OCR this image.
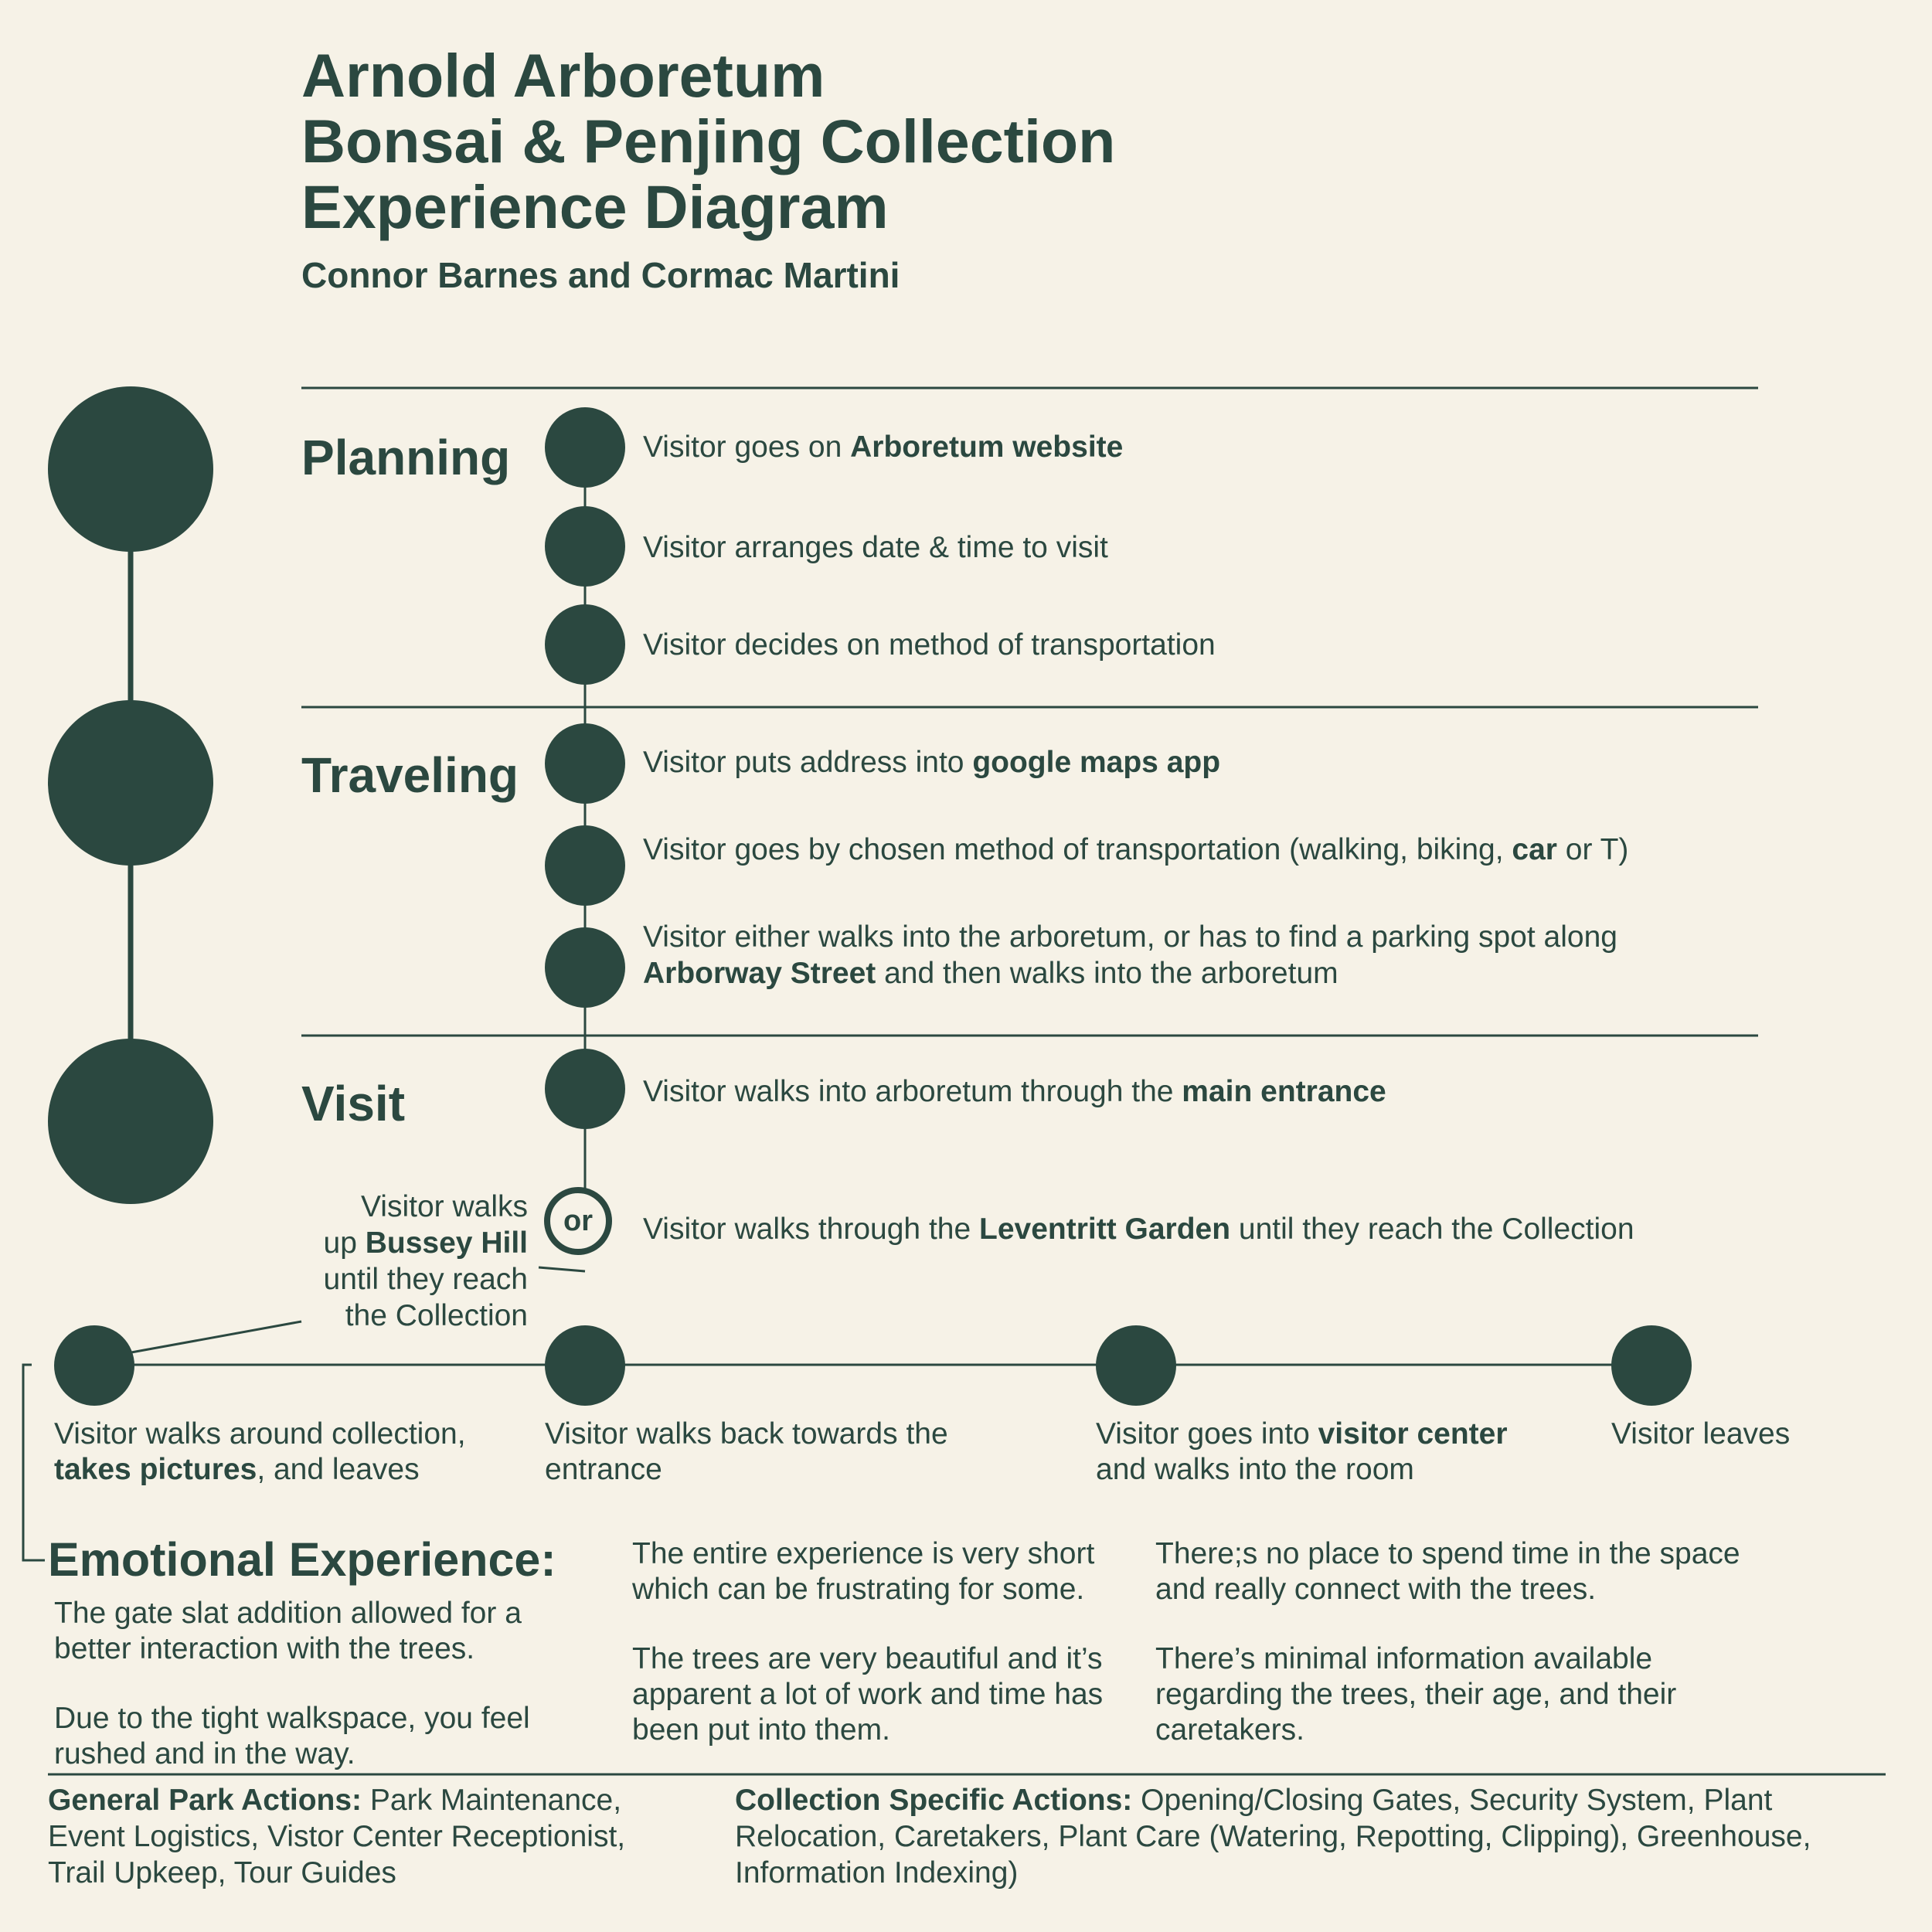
Arnold Arboretum
Bonsai & Penjing Collection
Experience Diagram
Connor Barnes and Cormac Martini
Planning
Traveling
Visit
Visitor goes on Arboretum website
Visitor arranges date & time to visit
Visitor decides on method of transportation
Visitor puts address into google maps app
Visitor goes by chosen method of transportation (walking, biking, car or T)
Visitor either walks into the arboretum, or has to find a parking spot along
Arborway Street and then walks into the arboretum
Visitor walks into arboretum through the main entrance
or	Visitor walks through the Leventritt Garden until they reach the Collection
Visitor walks
up Bussey Hill
until they reach
the Collection
Visitor walks around collection,
takes pictures, and leaves
Visitor walks back towards the
entrance
Visitor goes into visitor center
and walks into the room
Visitor leaves
Emotional Experience:

The gate slat addition allowed for a
better interaction with the trees.

Due to the tight walkspace, you feel
rushed and in the way.

The entire experience is very short
which can be frustrating for some.

The trees are very beautiful and it’s
apparent a lot of work and time has
been put into them.

There;s no place to spend time in the space
and really connect with the trees.

There’s minimal information available
regarding the trees, their age, and their
caretakers.

General Park Actions: Park Maintenance,
Event Logistics, Vistor Center Receptionist,
Trail Upkeep, Tour Guides
Collection Specific Actions: Opening/Closing Gates, Security System, Plant
Relocation, Caretakers, Plant Care (Watering, Repotting, Clipping), Greenhouse,
Information Indexing)
